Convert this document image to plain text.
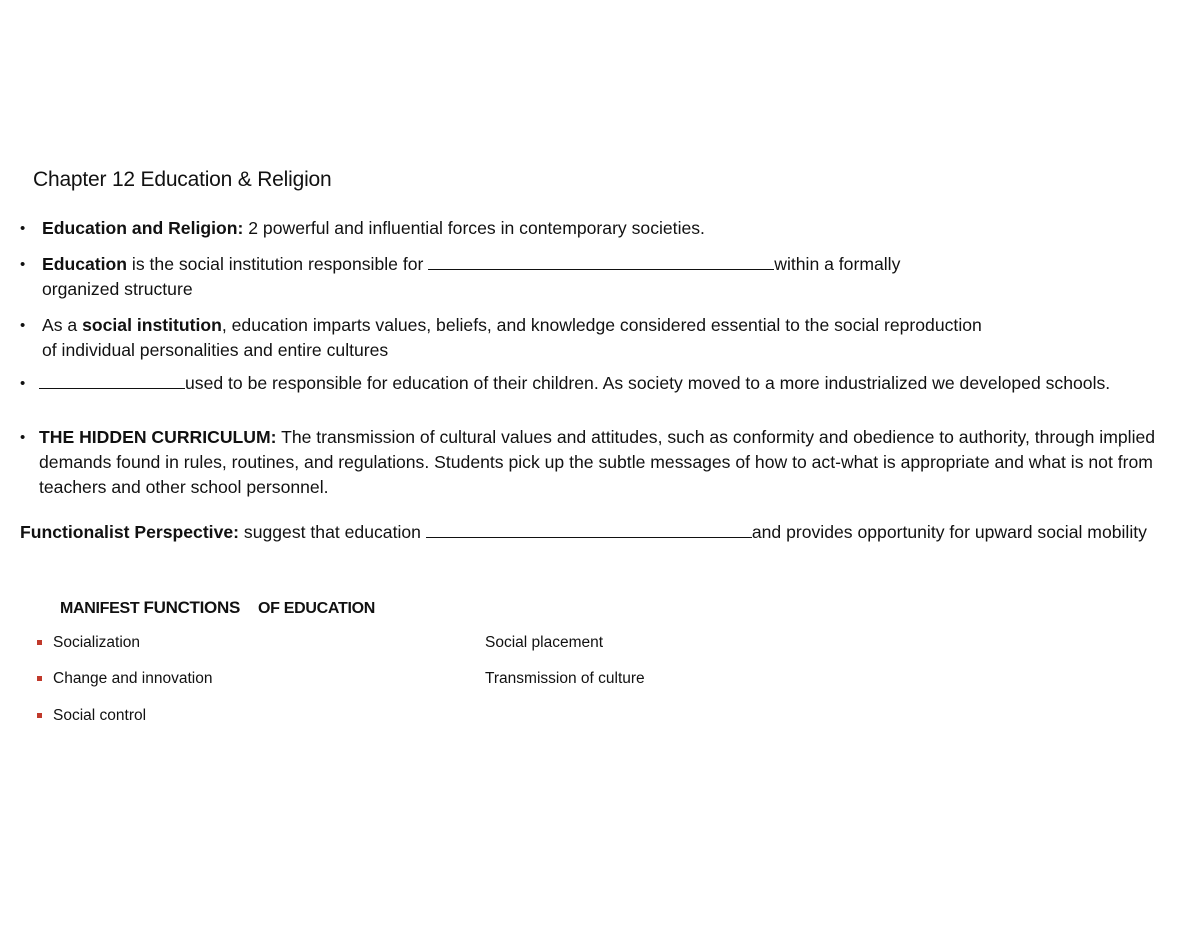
Chapter 12 Education & Religion
• Education and Religion: 2 powerful and influential forces in contemporary societies.
• Education is the social institution responsible for	within a formally organized structure
• As a social institution, education imparts values, beliefs, and knowledge considered essential to the social reproduction of individual personalities and entire cultures
•	used to be responsible for education of their children. As society moved to a more industrialized we developed schools.
• THE HIDDEN CURRICULUM: The transmission of cultural values and attitudes, such as conformity and obedience to authority, through implied demands found in rules, routines, and regulations. Students pick up the subtle messages of how to act-what is appropriate and what is not from teachers and other school personnel.
Functionalist Perspective: suggest that education	and provides opportunity for upward social mobility
MANIFEST FUNCTIONS OF EDUCATION
Socialization
Change and innovation
Social control
Social placement
Transmission of culture
